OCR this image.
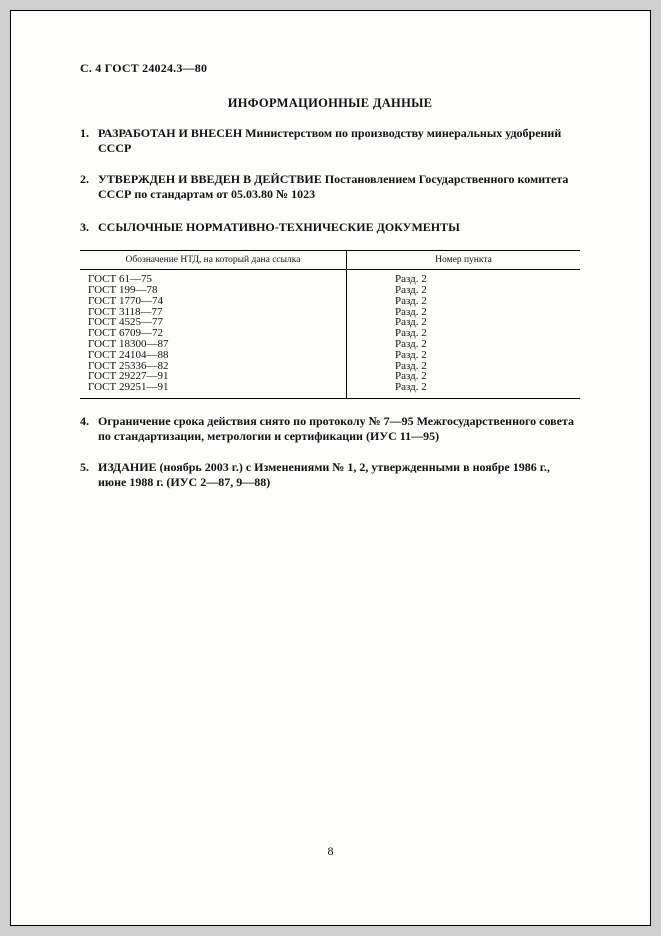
С. 4 ГОСТ 24024.3—80
ИНФОРМАЦИОННЫЕ ДАННЫЕ
1. РАЗРАБОТАН И ВНЕСЕН Министерством по производству минеральных удобрений СССР
2. УТВЕРЖДЕН И ВВЕДЕН В ДЕЙСТВИЕ Постановлением Государственного комитета СССР по стандартам от 05.03.80 № 1023
3. ССЫЛОЧНЫЕ НОРМАТИВНО-ТЕХНИЧЕСКИЕ ДОКУМЕНТЫ
Обозначение НТД, на который дана ссылка	Номер пункта
ГОСТ 61—75
ГОСТ 199—78
ГОСТ 1770—74
ГОСТ 3118—77
ГОСТ 4525—77
ГОСТ 6709—72
ГОСТ 18300—87
ГОСТ 24104—88
ГОСТ 25336—82
ГОСТ 29227—91
ГОСТ 29251—91
Разд. 2
Разд. 2
Разд. 2
Разд. 2
Разд. 2
Разд. 2
Разд. 2
Разд. 2
Разд. 2
Разд. 2
Разд. 2
4. Ограничение срока действия снято по протоколу № 7—95 Межгосударственного совета по стандартизации, метрологии и сертификации (ИУС 11—95)
5. ИЗДАНИЕ (ноябрь 2003 г.) с Изменениями № 1, 2, утвержденными в ноябре 1986 г., июне 1988 г. (ИУС 2—87, 9—88)
8
